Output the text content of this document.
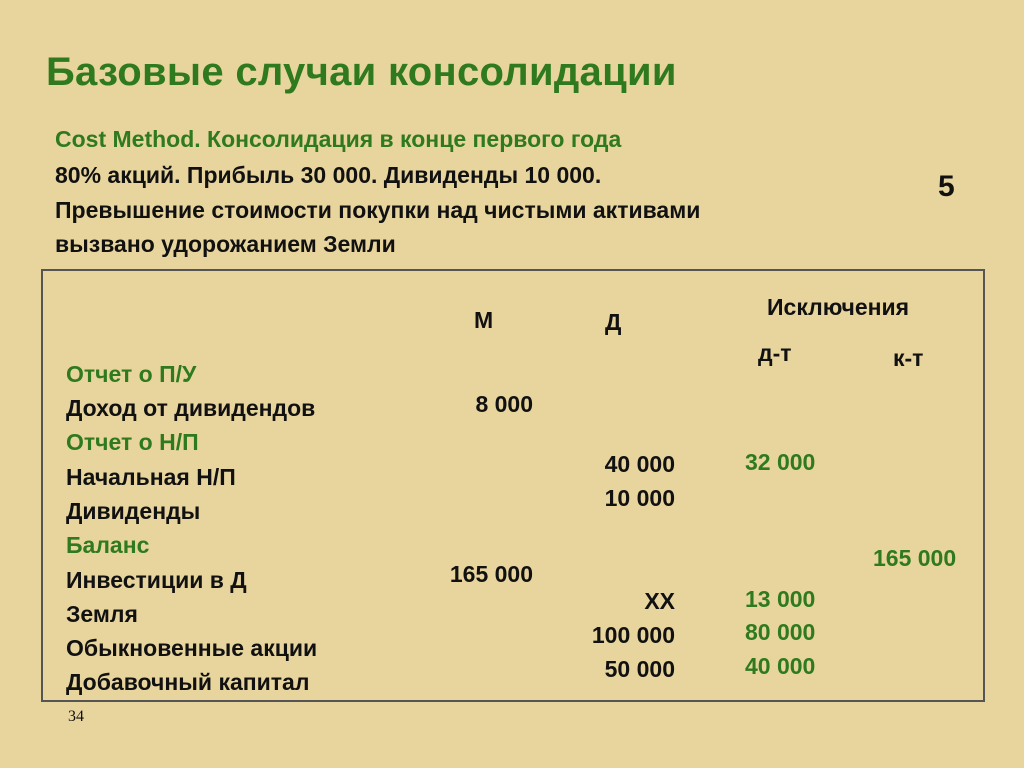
Базовые случаи консолидации
Cost Method. Консолидация в конце первого года
80% акций. Прибыль 30 000. Дивиденды 10 000.
Превышение стоимости покупки над чистыми активами
вызвано удорожанием Земли
5
М	Д
Исключения
д-т	к-т
Отчет о П/У
Доход от дивидендов
Отчет о Н/П
Начальная Н/П
Дивиденды
Баланс
Инвестиции в Д
Земля
Обыкновенные акции
Добавочный капитал
8 000
165 000
40 000
10 000
XX
100 000
50 000
32 000
13 000
80 000
40 000
165 000
34
